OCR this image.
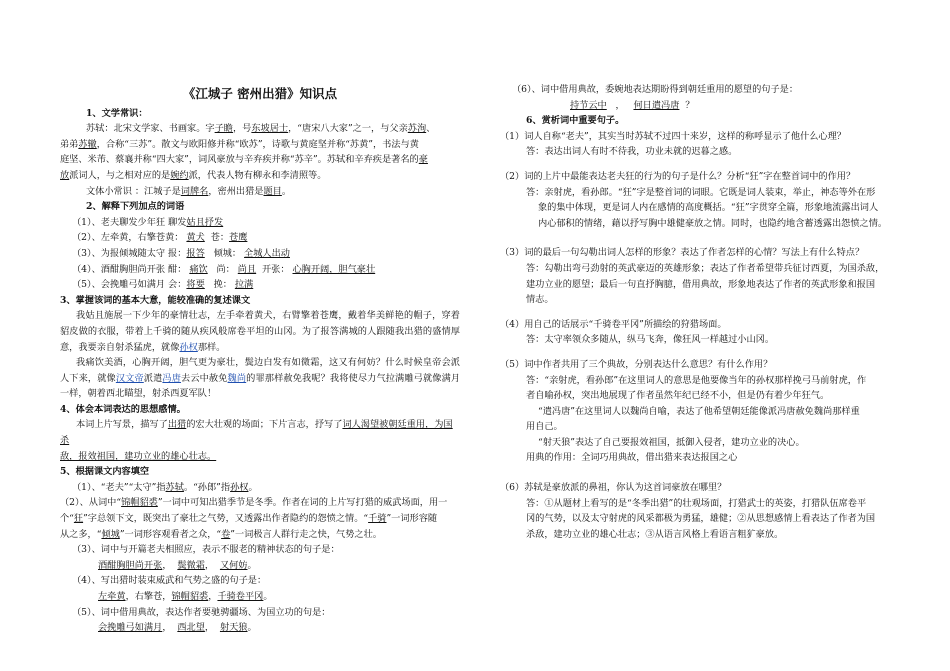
《江城子 密州出猎》知识点
1、文学常识：
苏轼：北宋文学家、书画家。字子瞻，号东坡居士，“唐宋八大家”之一，与父亲苏洵、
弟弟苏辙，合称“三苏”。散文与欧阳修并称“欧苏”，诗歌与黄庭坚并称“苏黄”，书法与黄
庭坚、米芾、蔡襄并称“四大家”，词风豪放与辛弃疾并称“苏辛”。苏轼和辛弃疾是著名的豪
放派词人，与之相对应的是婉约派，代表人物有柳永和李清照等。
文体小常识 ：江城子是词牌名，密州出猎是题目。
2、解释下列加点的词语
（1）、老夫聊发少年狂 聊发姑且抒发
（2）、左牵黄，右擎苍黄： 黄犬 苍：苍鹰
（3）、为报倾城随太守 报：报答 倾城： 全城人出动
（4）、酒酣胸胆尚开张 酣： 痛饮 尚： 尚且 开张： 心胸开阔，胆气豪壮
（5）、会挽雕弓如满月 会：将要 挽： 拉满
3、掌握该词的基本大意，能较准确的复述课文
我姑且施展一下少年的豪情壮志，左手牵着黄犬，右臂擎着苍鹰，戴着华美鲜艳的帽子，穿着貂皮做的衣服，带着上千骑的随从疾风般席卷平坦的山冈。为了报答满城的人跟随我出猎的盛情厚意，我要亲自射杀猛虎，就像孙权那样。
我痛饮美酒，心胸开阔，胆气更为豪壮，鬓边白发有如微霜，这又有何妨？什么时候皇帝会派人下来，就像汉文帝派遣冯唐去云中赦免魏尚的罪那样赦免我呢？我将使尽力气拉满雕弓就像满月一样，朝着西北瞄望，射杀西夏军队！
4、体会本词表达的思想感情。
本词上片写景，描写了出猎的宏大壮观的场面；下片言志，抒写了词人渴望被朝廷重用，为国杀
敌，报效祖国，建功立业的雄心壮志。
5、根据课文内容填空
（1）、“老夫”“太守”指苏轼。“孙郎”指孙权。
（2）、从词中“锦帽貂裘”一词中可知出猎季节是冬季。作者在词的上片写打猎的威武场面，用一
个“狂”字总领下文，既突出了豪壮之气势，又透露出作者隐约的怨愤之情。“千骑”一词形容随
从之多，“倾城”一词形容观看者之众，“卷”一词极言人群行走之快，气势之壮。
（3）、词中与开篇老夫相照应，表示不服老的精神状态的句子是：
酒酣胸胆尚开张， 鬓微霜， 又何妨。
（4）、写出猎时装束威武和气势之盛的句子是：
左牵黄，右擎苍，锦帽貂裘，千骑卷平冈。
（5）、词中借用典故，表达作者要驰骋疆场、为国立功的句是：
会挽雕弓如满月， 西北望， 射天狼。
（6）、词中借用典故，委婉地表达期盼得到朝廷重用的愿望的句子是：
持节云中 ， 何日遣冯唐 ？
6、赏析词中重要句子。
（1）词人自称“老夫”，其实当时苏轼不过四十来岁，这样的称呼显示了他什么心理？
答：表达出词人有时不待我，功业未就的迟暮之感。
（2）词的上片中最能表达老夫狂的行为的句子是什么？分析“狂”字在整首词中的作用？
答：亲射虎，看孙郎。“狂”字是整首词的词眼。它既是词人装束，举止，神态等外在形
象的集中体现，更是词人内在感情的高度概括。“狂”字贯穿全篇，形象地流露出词人
内心郁积的情绪，藉以抒写胸中雄健豪放之情。同时，也隐约地含蓄透露出怨愤之情。
（3）词的最后一句勾勒出词人怎样的形象？表达了作者怎样的心情？写法上有什么特点？
答：勾勒出弯弓劲射的英武豪迈的英雄形象；表达了作者希望带兵征讨西夏，为国杀敌，
建功立业的愿望；最后一句直抒胸臆，借用典故，形象地表达了作者的英武形象和报国
情志。
（4）用自己的话展示“千骑卷平冈”所描绘的狩猎场面。
答：太守率领众多随从，纵马飞奔，像狂风一样越过小山冈。
（5）词中作者共用了三个典故，分别表达什么意思？有什么作用？
答：“亲射虎，看孙郎”在这里词人的意思是他要像当年的孙权那样挽弓马前射虎，作
者自喻孙权，突出地展现了作者虽然年纪已经不小，但是仍有着少年狂气。
“遣冯唐”在这里词人以魏尚自喻，表达了他希望朝廷能像派冯唐赦免魏尚那样重
用自己。
“射天狼”表达了自己要报效祖国，抵御入侵者，建功立业的决心。
用典的作用：全词巧用典故，借出猎来表达报国之心
（6）苏轼是豪放派的鼻祖，你认为这首词豪放在哪里？
答：①从题材上看写的是“冬季出猎”的壮观场面，打猎武士的英姿，打猎队伍席卷平
冈的气势，以及太守射虎的风采都极为勇猛，雄健；②从思想感情上看表达了作者为国
杀敌，建功立业的雄心壮志；③从语言风格上看语言粗犷豪放。
